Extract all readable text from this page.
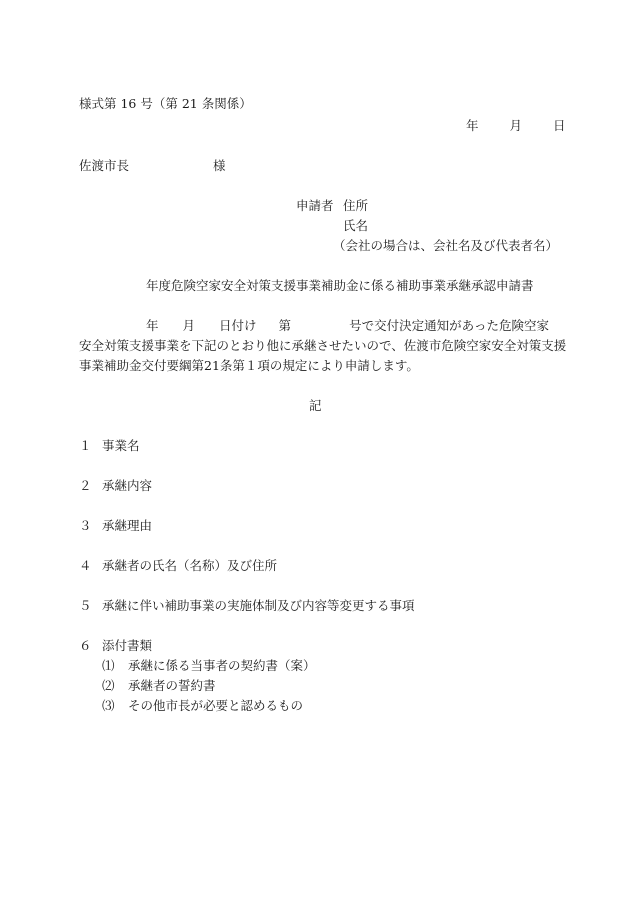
様式第 16 号（第 21 条関係）
年 月 日
佐渡市長	様
申請者 住所
氏名
（会社の場合は、会社名及び代表者名）
年度危険空家安全対策支援事業補助金に係る補助事業承継承認申請書
年 月 日付け 第	号で交付決定通知があった危険空家
安全対策支援事業を下記のとおり他に承継させたいので、佐渡市危険空家安全対策支援
事業補助金交付要綱第21条第１項の規定により申請します。
記
１ 事業名
２ 承継内容
３ 承継理由
４ 承継者の氏名（名称）及び住所
５ 承継に伴い補助事業の実施体制及び内容等変更する事項
６ 添付書類
⑴ 承継に係る当事者の契約書（案）
⑵ 承継者の誓約書
⑶ その他市長が必要と認めるもの
